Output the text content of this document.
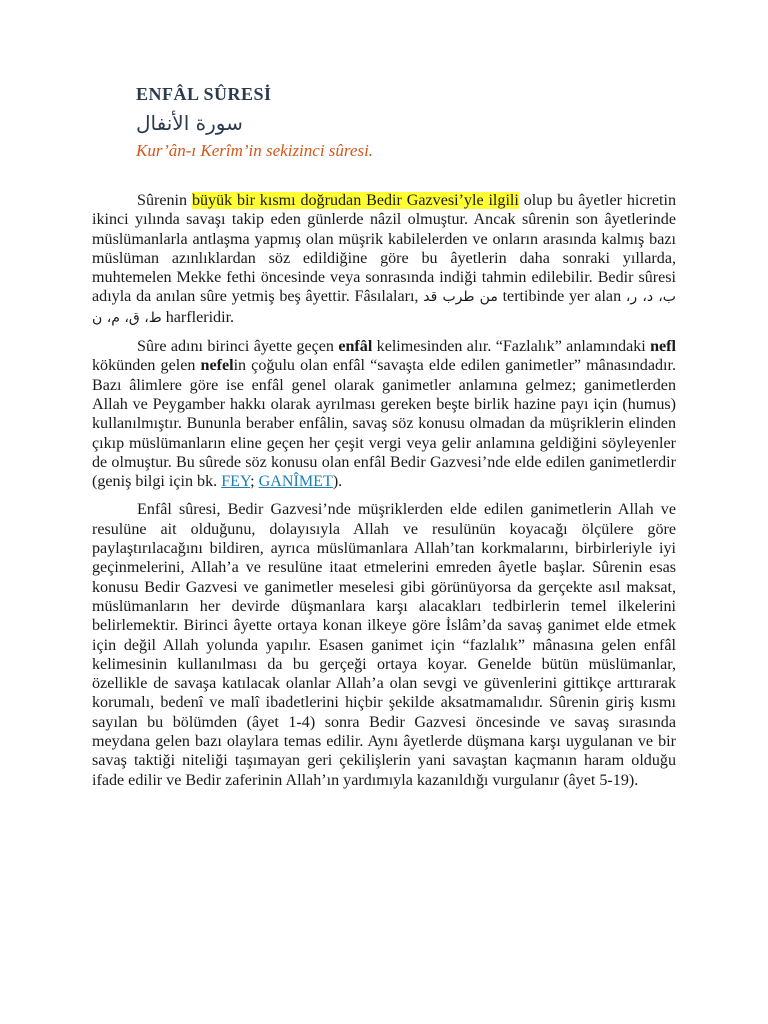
ENFÂL SÛRESİ
سورة الأنفال
Kur’ân-ı Kerîm’in sekizinci sûresi.

Sûrenin büyük bir kısmı doğrudan Bedir Gazvesi’yle ilgili olup bu âyetler hicretin ikinci yılında savaşı takip eden günlerde nâzil olmuştur. Ancak sûrenin son âyetlerinde müslümanlarla antlaşma yapmış olan müşrik kabilelerden ve onların arasında kalmış bazı müslüman azınlıklardan söz edildiğine göre bu âyetlerin daha sonraki yıllarda, muhtemelen Mekke fethi öncesinde veya sonrasında indiği tahmin edilebilir. Bedir sûresi adıyla da anılan sûre yetmiş beş âyettir. Fâsılaları, من طرب قد tertibinde yer alan ب، د، ر، ط، ق، م، ن harfleridir.

Sûre adını birinci âyette geçen enfâl kelimesinden alır. “Fazlalık” anlamındaki nefl kökünden gelen nefelin çoğulu olan enfâl “savaşta elde edilen ganimetler” mânasındadır. Bazı âlimlere göre ise enfâl genel olarak ganimetler anlamına gelmez; ganimetlerden Allah ve Peygamber hakkı olarak ayrılması gereken beşte birlik hazine payı için (humus) kullanılmıştır. Bununla beraber enfâlin, savaş söz konusu olmadan da müşriklerin elinden çıkıp müslümanların eline geçen her çeşit vergi veya gelir anlamına geldiğini söyleyenler de olmuştur. Bu sûrede söz konusu olan enfâl Bedir Gazvesi’nde elde edilen ganimetlerdir (geniş bilgi için bk. FEY; GANÎMET).

Enfâl sûresi, Bedir Gazvesi’nde müşriklerden elde edilen ganimetlerin Allah ve resulüne ait olduğunu, dolayısıyla Allah ve resulünün koyacağı ölçülere göre paylaştırılacağını bildiren, ayrıca müslümanlara Allah’tan korkmalarını, birbirleriyle iyi geçinmelerini, Allah’a ve resulüne itaat etmelerini emreden âyetle başlar. Sûrenin esas konusu Bedir Gazvesi ve ganimetler meselesi gibi görünüyorsa da gerçekte asıl maksat, müslümanların her devirde düşmanlara karşı alacakları tedbirlerin temel ilkelerini belirlemektir. Birinci âyette ortaya konan ilkeye göre İslâm’da savaş ganimet elde etmek için değil Allah yolunda yapılır. Esasen ganimet için “fazlalık” mânasına gelen enfâl kelimesinin kullanılması da bu gerçeği ortaya koyar. Genelde bütün müslümanlar, özellikle de savaşa katılacak olanlar Allah’a olan sevgi ve güvenlerini gittikçe arttırarak korumalı, bedenî ve malî ibadetlerini hiçbir şekilde aksatmamalıdır. Sûrenin giriş kısmı sayılan bu bölümden (âyet 1-4) sonra Bedir Gazvesi öncesinde ve savaş sırasında meydana gelen bazı olaylara temas edilir. Aynı âyetlerde düşmana karşı uygulanan ve bir savaş taktiği niteliği taşımayan geri çekilişlerin yani savaştan kaçmanın haram olduğu ifade edilir ve Bedir zaferinin Allah’ın yardımıyla kazanıldığı vurgulanır (âyet 5-19).
